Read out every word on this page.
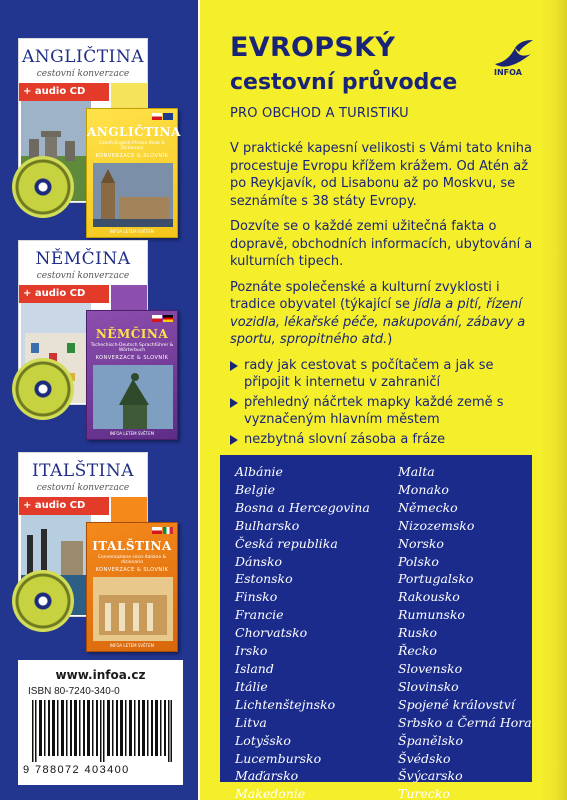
ANGLIČTINA
cestovní konverzace
+ audio CD
ANGLIČTINA
Czech-English Phrase Book & Dictionary
KONVERZACE & SLOVNÍK
INFOA LETEM SVĚTEM
NĚMČINA
cestovní konverzace
+ audio CD
NĚMČINA
Tschechisch-Deutsch Sprachführer & Wörterbuch
KONVERZACE & SLOVNÍK
INFOA LETEM SVĚTEM
ITALŠTINA
cestovní konverzace
+ audio CD
ITALŠTINA
Conversazione ceco-italiano & dizionario
KONVERZACE & SLOVNÍK
INFOA LETEM SVĚTEM
www.infoa.cz
ISBN 80-7240-340-0
9 788072 403400
EVROPSKÝ
cestovní průvodce
PRO OBCHOD A TURISTIKU
INFOA

V praktické kapesní velikosti s Vámi tato kniha procestuje Evropu křížem krážem. Od Atén až po Reykjavík, od Lisabonu až po Moskvu, se seznámíte s 38 státy Evropy.

Dozvíte se o každé zemi užitečná fakta o dopravě, obchodních informacích, ubytování a kulturních tipech.

Poznáte společenské a kulturní zvyklosti i tradice obyvatel (týkající se jídla a pití, řízení vozidla, lékařské péče, nakupování, zábavy a sportu, spropitného atd.)

rady jak cestovat s počítačem a jak se připojit k internetu v zahraničí
přehledný náčrtek mapky každé země s vyznačeným hlavním městem
nezbytná slovní zásoba a fráze
Albánie
Belgie
Bosna a Hercegovina
Bulharsko
Česká republika
Dánsko
Estonsko
Finsko
Francie
Chorvatsko
Irsko
Island
Itálie
Lichtenštejnsko
Litva
Lotyšsko
Lucembursko
Maďarsko
Makedonie
Malta
Monako
Německo
Nizozemsko
Norsko
Polsko
Portugalsko
Rakousko
Rumunsko
Rusko
Řecko
Slovensko
Slovinsko
Spojené království
Srbsko a Černá Hora
Španělsko
Švédsko
Švýcarsko
Turecko
